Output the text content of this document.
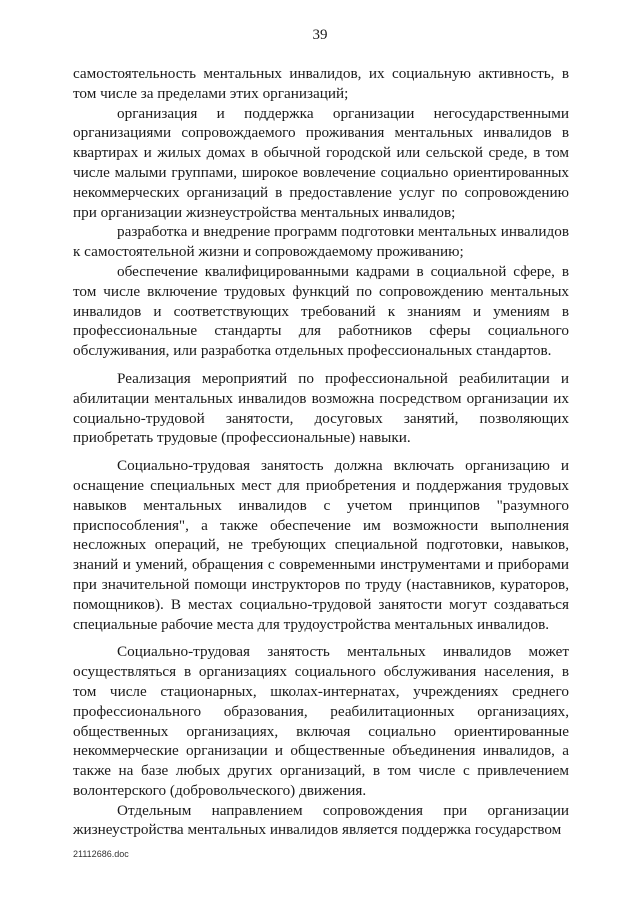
39

самостоятельность ментальных инвалидов, их социальную активность, в том числе за пределами этих организаций;

организация и поддержка организации негосударственными организациями сопровождаемого проживания ментальных инвалидов в квартирах и жилых домах в обычной городской или сельской среде, в том числе малыми группами, широкое вовлечение социально ориентированных некоммерческих организаций в предоставление услуг по сопровождению при организации жизнеустройства ментальных инвалидов;

разработка и внедрение программ подготовки ментальных инвалидов к самостоятельной жизни и сопровождаемому проживанию;

обеспечение квалифицированными кадрами в социальной сфере, в том числе включение трудовых функций по сопровождению ментальных инвалидов и соответствующих требований к знаниям и умениям в профессиональные стандарты для работников сферы социального обслуживания, или разработка отдельных профессиональных стандартов.

Реализация мероприятий по профессиональной реабилитации и абилитации ментальных инвалидов возможна посредством организации их социально-трудовой занятости, досуговых занятий, позволяющих приобретать трудовые (профессиональные) навыки.

Социально-трудовая занятость должна включать организацию и оснащение специальных мест для приобретения и поддержания трудовых навыков ментальных инвалидов с учетом принципов "разумного приспособления", а также обеспечение им возможности выполнения несложных операций, не требующих специальной подготовки, навыков, знаний и умений, обращения с современными инструментами и приборами при значительной помощи инструкторов по труду (наставников, кураторов, помощников). В местах социально-трудовой занятости могут создаваться специальные рабочие места для трудоустройства ментальных инвалидов.

Социально-трудовая занятость ментальных инвалидов может осуществляться в организациях социального обслуживания населения, в том числе стационарных, школах-интернатах, учреждениях среднего профессионального образования, реабилитационных организациях, общественных организациях, включая социально ориентированные некоммерческие организации и общественные объединения инвалидов, а также на базе любых других организаций, в том числе с привлечением волонтерского (добровольческого) движения.

Отдельным направлением сопровождения при организации жизнеустройства ментальных инвалидов является поддержка государством

21112686.doc
